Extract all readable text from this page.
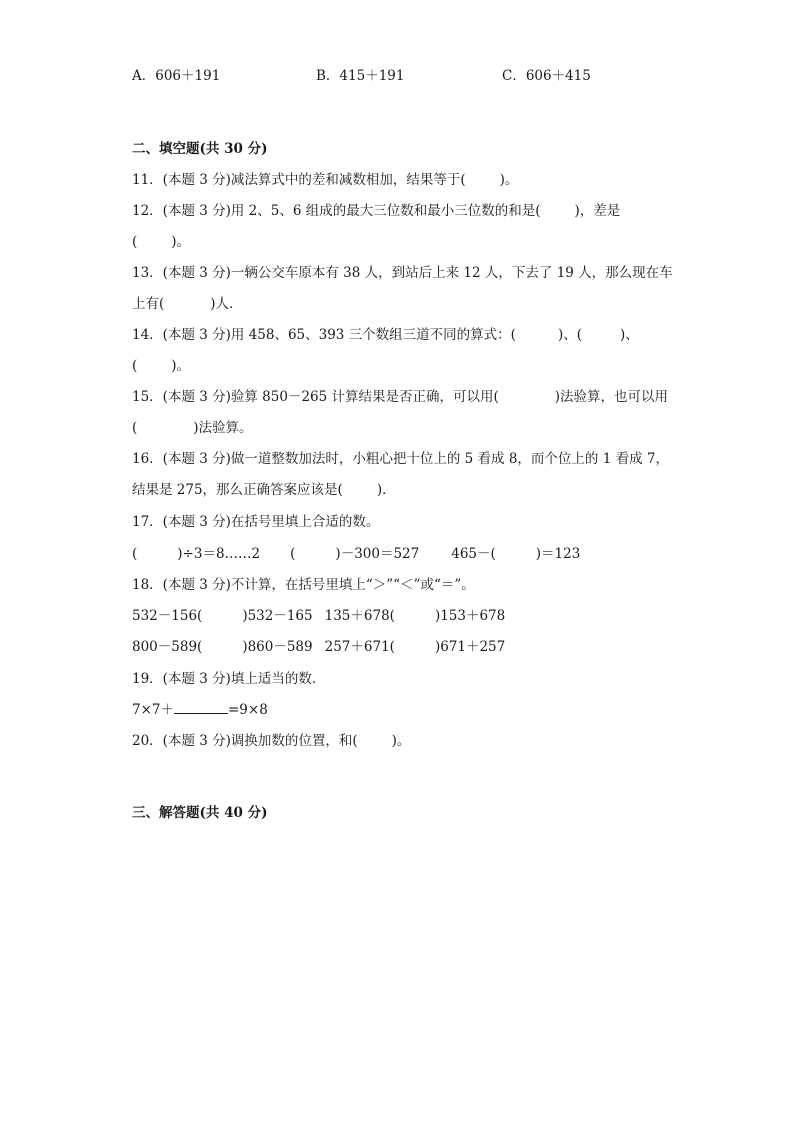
A．606＋191	B．415＋191	C．606＋415
二、填空题(共 30 分)
11．(本题 3 分)减法算式中的差和减数相加，结果等于(	)。
12．(本题 3 分)用 2、5、6 组成的最大三位数和最小三位数的和是(	)，差是
(	)。
13．(本题 3 分)一辆公交车原本有 38 人，到站后上来 12 人，下去了 19 人，那么现在车
上有(	)人．
14．(本题 3 分)用 458、65、393 三个数组三道不同的算式：(	)、(	)、
(	)。
15．(本题 3 分)验算 850－265 计算结果是否正确，可以用(	)法验算，也可以用
(	)法验算。
16．(本题 3 分)做一道整数加法时，小粗心把十位上的 5 看成 8，而个位上的 1 看成 7，
结果是 275，那么正确答案应该是(	)．
17．(本题 3 分)在括号里填上合适的数。
(	)÷3＝8……2 (	)－300＝527 465－(	)＝123
18．(本题 3 分)不计算，在括号里填上“＞”“＜”或“＝”。
532－156(	)532－165 135＋678(	)153＋678
800－589(	)860－589 257＋671(	)671＋257
19．(本题 3 分)填上适当的数．
7×7＋	=9×8
20．(本题 3 分)调换加数的位置，和(	)。
三、解答题(共 40 分)
